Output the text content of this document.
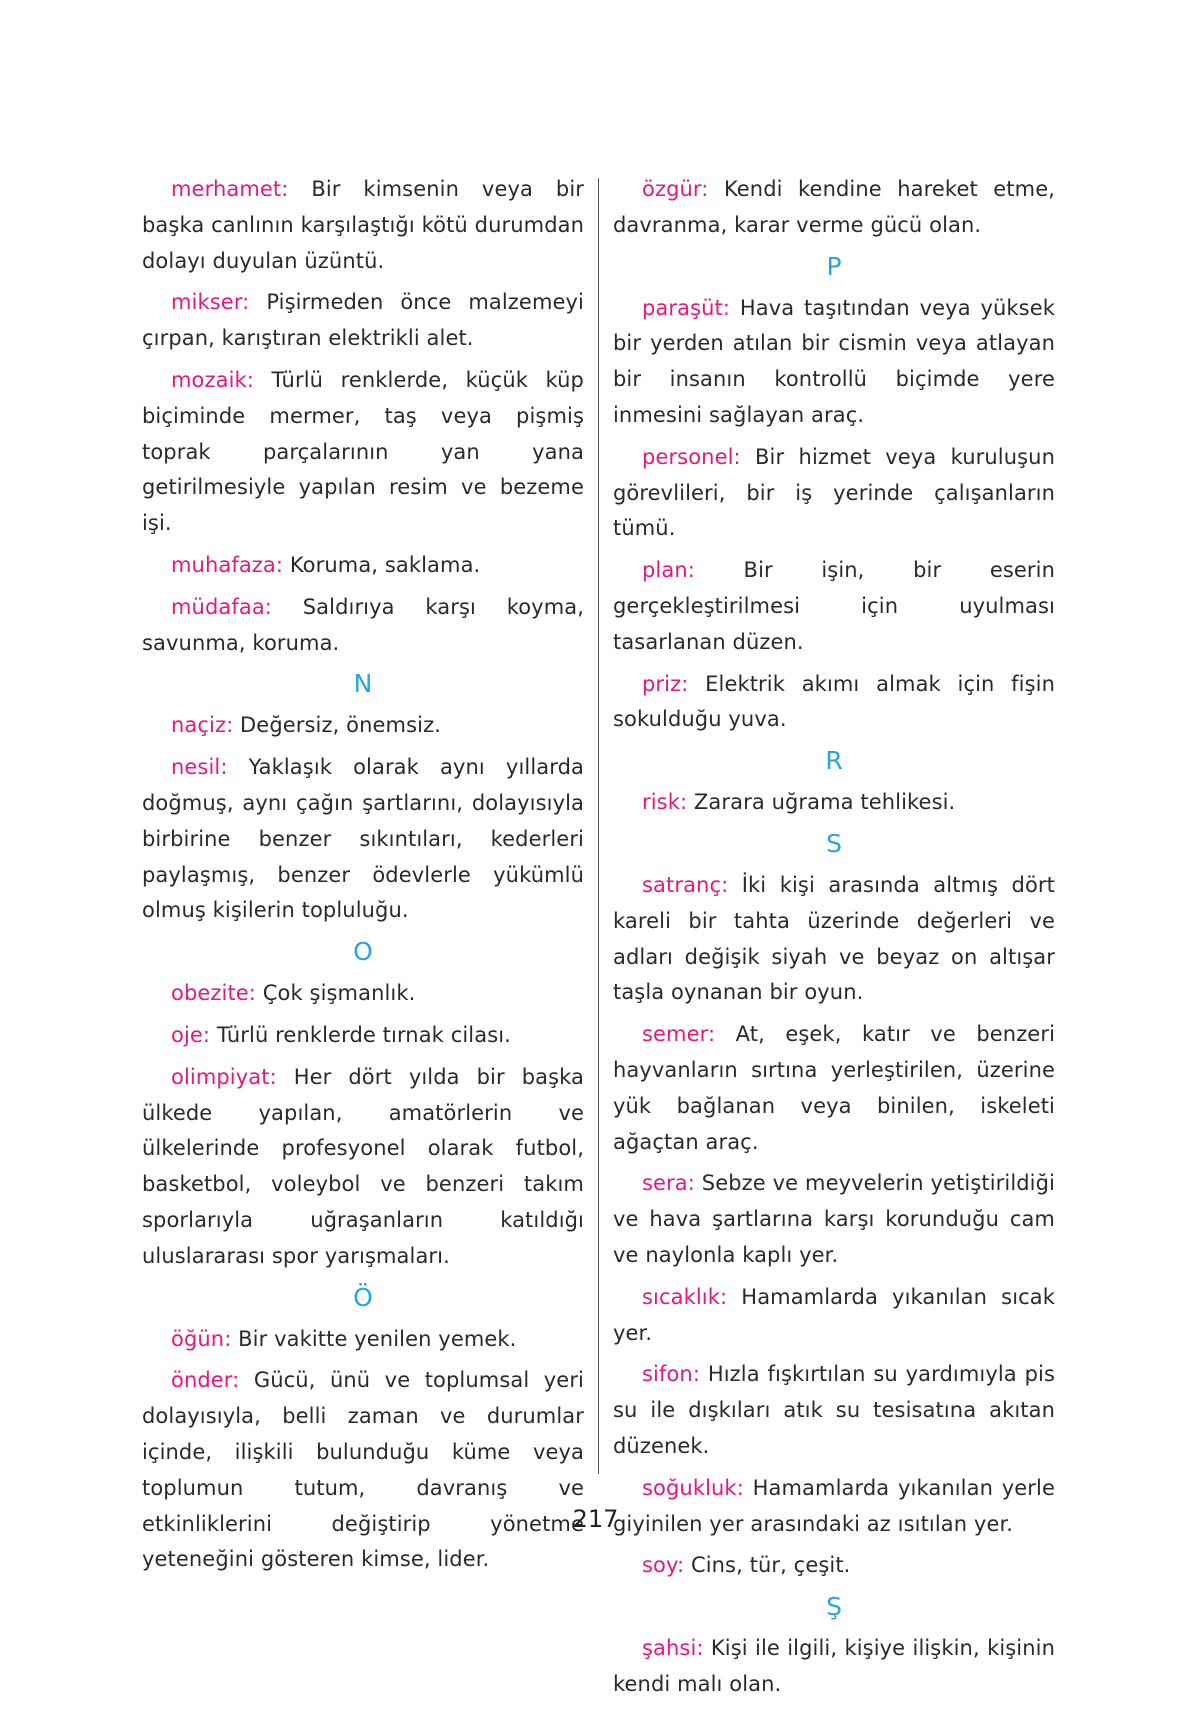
merhamet: Bir kimsenin veya bir başka canlının karşılaştığı kötü durumdan dolayı duyulan üzüntü.

mikser: Pişirmeden önce malzemeyi çırpan, karıştıran elektrikli alet.

mozaik: Türlü renklerde, küçük küp biçiminde mermer, taş veya pişmiş toprak parçalarının yan yana getirilmesiyle yapılan resim ve bezeme işi.

muhafaza: Koruma, saklama.

müdafaa: Saldırıya karşı koyma, savunma, koruma.

N

naçiz: Değersiz, önemsiz.

nesil: Yaklaşık olarak aynı yıllarda doğmuş, aynı çağın şartlarını, dolayısıyla birbirine benzer sıkıntıları, kederleri paylaşmış, benzer ödevlerle yükümlü olmuş kişilerin topluluğu.

O

obezite: Çok şişmanlık.

oje: Türlü renklerde tırnak cilası.

olimpiyat: Her dört yılda bir başka ülkede yapılan, amatörlerin ve ülkelerinde profesyonel olarak futbol, basketbol, voleybol ve benzeri takım sporlarıyla uğraşanların katıldığı uluslararası spor yarışmaları.

Ö

öğün: Bir vakitte yenilen yemek.

önder: Gücü, ünü ve toplumsal yeri dolayısıyla, belli zaman ve durumlar içinde, ilişkili bulunduğu küme veya toplumun tutum, davranış ve etkinliklerini değiştirip yönetme yeteneğini gösteren kimse, lider.

özgür: Kendi kendine hareket etme, davranma, karar verme gücü olan.

P

paraşüt: Hava taşıtından veya yüksek bir yerden atılan bir cismin veya atlayan bir insanın kontrollü biçimde yere inmesini sağlayan araç.

personel: Bir hizmet veya kuruluşun görevlileri, bir iş yerinde çalışanların tümü.

plan: Bir işin, bir eserin gerçekleştirilmesi için uyulması tasarlanan düzen.

priz: Elektrik akımı almak için fişin sokulduğu yuva.

R

risk: Zarara uğrama tehlikesi.

S

satranç: İki kişi arasında altmış dört kareli bir tahta üzerinde değerleri ve adları değişik siyah ve beyaz on altışar taşla oynanan bir oyun.

semer: At, eşek, katır ve benzeri hayvanların sırtına yerleştirilen, üzerine yük bağlanan veya binilen, iskeleti ağaçtan araç.

sera: Sebze ve meyvelerin yetiştirildiği ve hava şartlarına karşı korunduğu cam ve naylonla kaplı yer.

sıcaklık: Hamamlarda yıkanılan sıcak yer.

sifon: Hızla fışkırtılan su yardımıyla pis su ile dışkıları atık su tesisatına akıtan düzenek.

soğukluk: Hamamlarda yıkanılan yerle giyinilen yer arasındaki az ısıtılan yer.

soy: Cins, tür, çeşit.

Ş

şahsi: Kişi ile ilgili, kişiye ilişkin, kişinin kendi malı olan.

217
